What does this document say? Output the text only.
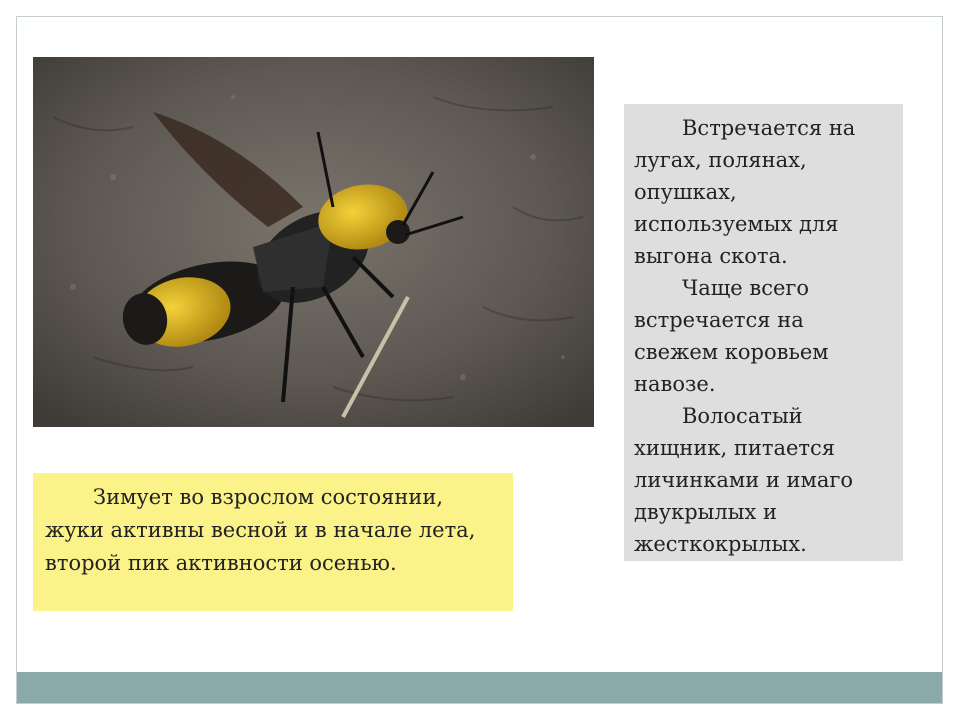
Встречается на лугах, полянах, опушках, используемых для выгона скота.

Чаще всего встречается на свежем коровьем навозе.

Волосатый хищник, питается личинками и имаго двукрылых и жесткокрылых.

Зимует во взрослом состоянии, жуки активны весной и в начале лета, второй пик активности осенью.
